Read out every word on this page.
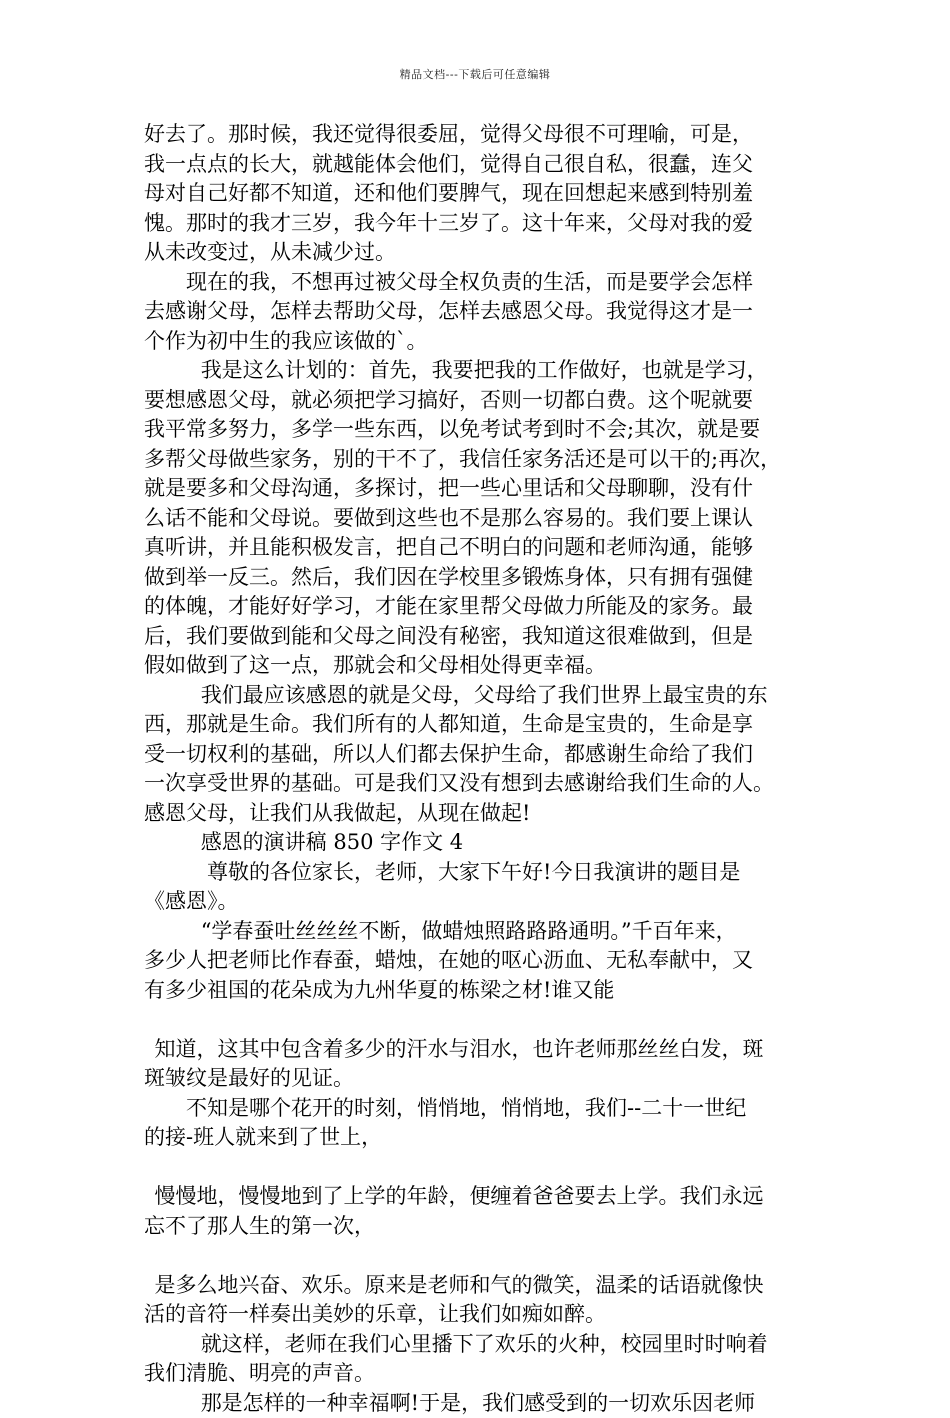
精品文档---下载后可任意编辑
好去了。那时候，我还觉得很委屈，觉得父母很不可理喻，可是，
我一点点的长大，就越能体会他们，觉得自己很自私，很蠢，连父
母对自己好都不知道，还和他们要脾气，现在回想起来感到特别羞
愧。那时的我才三岁，我今年十三岁了。这十年来，父母对我的爱
从未改变过，从未减少过。
现在的我，不想再过被父母全权负责的生活，而是要学会怎样
去感谢父母，怎样去帮助父母，怎样去感恩父母。我觉得这才是一
个作为初中生的我应该做的`。
我是这么计划的：首先，我要把我的工作做好，也就是学习，
要想感恩父母，就必须把学习搞好，否则一切都白费。这个呢就要
我平常多努力，多学一些东西，以免考试考到时不会;其次，就是要
多帮父母做些家务，别的干不了，我信任家务活还是可以干的;再次，
就是要多和父母沟通，多探讨，把一些心里话和父母聊聊，没有什
么话不能和父母说。要做到这些也不是那么容易的。我们要上课认
真听讲，并且能积极发言，把自己不明白的问题和老师沟通，能够
做到举一反三。然后，我们因在学校里多锻炼身体，只有拥有强健
的体魄，才能好好学习，才能在家里帮父母做力所能及的家务。最
后，我们要做到能和父母之间没有秘密，我知道这很难做到，但是
假如做到了这一点，那就会和父母相处得更幸福。
我们最应该感恩的就是父母，父母给了我们世界上最宝贵的东
西，那就是生命。我们所有的人都知道，生命是宝贵的，生命是享
受一切权利的基础，所以人们都去保护生命，都感谢生命给了我们
一次享受世界的基础。可是我们又没有想到去感谢给我们生命的人。
感恩父母，让我们从我做起，从现在做起!
感恩的演讲稿 850 字作文 4
尊敬的各位家长，老师，大家下午好!今日我演讲的题目是
《感恩》。
“学春蚕吐丝丝丝不断，做蜡烛照路路路通明。”千百年来，
多少人把老师比作春蚕，蜡烛，在她的呕心沥血、无私奉献中，又
有多少祖国的花朵成为九州华夏的栋梁之材!谁又能
知道，这其中包含着多少的汗水与泪水，也许老师那丝丝白发，斑
斑皱纹是最好的见证。
不知是哪个花开的时刻，悄悄地，悄悄地，我们--二十一世纪
的接-班人就来到了世上，
慢慢地，慢慢地到了上学的年龄，便缠着爸爸要去上学。我们永远
忘不了那人生的第一次，
是多么地兴奋、欢乐。原来是老师和气的微笑，温柔的话语就像快
活的音符一样奏出美妙的乐章，让我们如痴如醉。
就这样，老师在我们心里播下了欢乐的火种，校园里时时响着
我们清脆、明亮的声音。
那是怎样的一种幸福啊!于是，我们感受到的一切欢乐因老师
